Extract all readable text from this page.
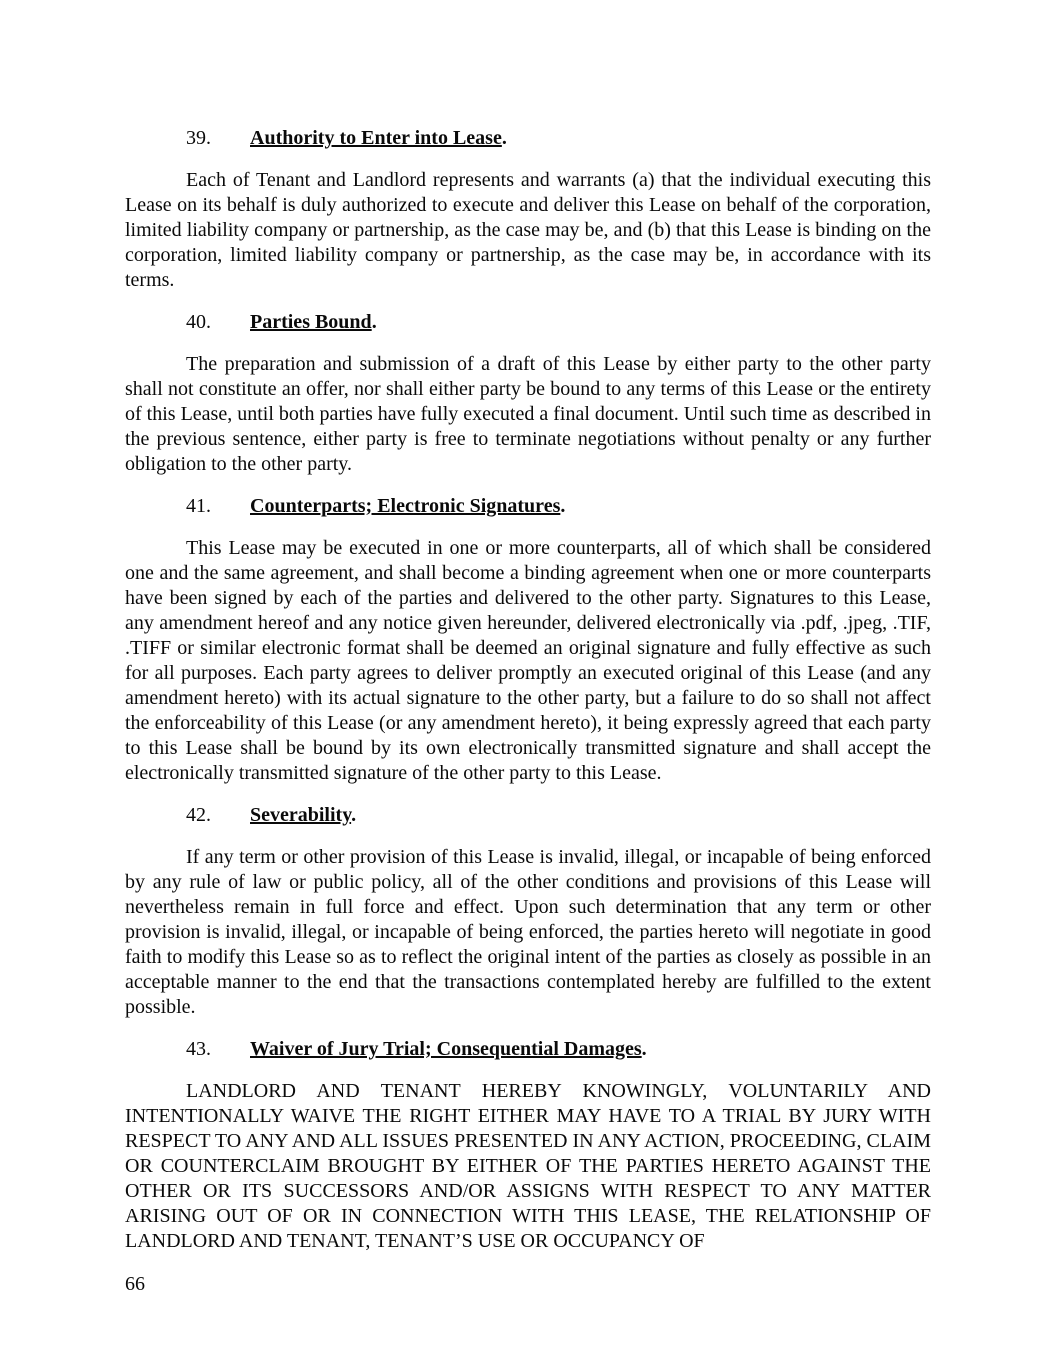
39. Authority to Enter into Lease.

Each of Tenant and Landlord represents and warrants (a) that the individual executing this Lease on its behalf is duly authorized to execute and deliver this Lease on behalf of the corporation, limited liability company or partnership, as the case may be, and (b) that this Lease is binding on the corporation, limited liability company or partnership, as the case may be, in accordance with its terms.

40. Parties Bound.

The preparation and submission of a draft of this Lease by either party to the other party shall not constitute an offer, nor shall either party be bound to any terms of this Lease or the entirety of this Lease, until both parties have fully executed a final document. Until such time as described in the previous sentence, either party is free to terminate negotiations without penalty or any further obligation to the other party.

41. Counterparts; Electronic Signatures.

This Lease may be executed in one or more counterparts, all of which shall be considered one and the same agreement, and shall become a binding agreement when one or more counterparts have been signed by each of the parties and delivered to the other party. Signatures to this Lease, any amendment hereof and any notice given hereunder, delivered electronically via .pdf, .jpeg, .TIF, .TIFF or similar electronic format shall be deemed an original signature and fully effective as such for all purposes. Each party agrees to deliver promptly an executed original of this Lease (and any amendment hereto) with its actual signature to the other party, but a failure to do so shall not affect the enforceability of this Lease (or any amendment hereto), it being expressly agreed that each party to this Lease shall be bound by its own electronically transmitted signature and shall accept the electronically transmitted signature of the other party to this Lease.

42. Severability.

If any term or other provision of this Lease is invalid, illegal, or incapable of being enforced by any rule of law or public policy, all of the other conditions and provisions of this Lease will nevertheless remain in full force and effect. Upon such determination that any term or other provision is invalid, illegal, or incapable of being enforced, the parties hereto will negotiate in good faith to modify this Lease so as to reflect the original intent of the parties as closely as possible in an acceptable manner to the end that the transactions contemplated hereby are fulfilled to the extent possible.

43. Waiver of Jury Trial; Consequential Damages.

LANDLORD AND TENANT HEREBY KNOWINGLY, VOLUNTARILY AND INTENTIONALLY WAIVE THE RIGHT EITHER MAY HAVE TO A TRIAL BY JURY WITH RESPECT TO ANY AND ALL ISSUES PRESENTED IN ANY ACTION, PROCEEDING, CLAIM OR COUNTERCLAIM BROUGHT BY EITHER OF THE PARTIES HERETO AGAINST THE OTHER OR ITS SUCCESSORS AND/OR ASSIGNS WITH RESPECT TO ANY MATTER ARISING OUT OF OR IN CONNECTION WITH THIS LEASE, THE RELATIONSHIP OF LANDLORD AND TENANT, TENANT’S USE OR OCCUPANCY OF

66
